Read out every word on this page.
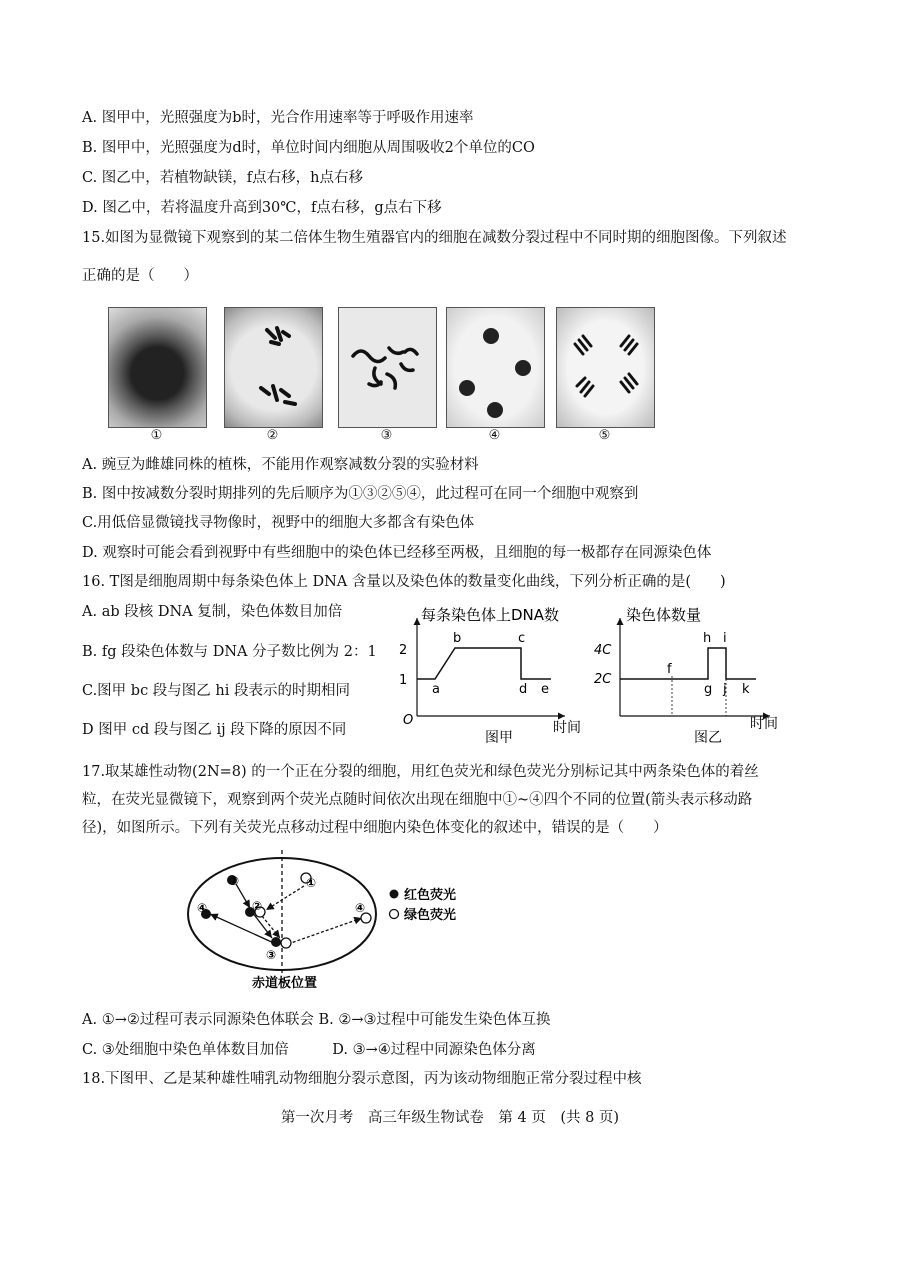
A. 图甲中，光照强度为b时，光合作用速率等于呼吸作用速率
B. 图甲中，光照强度为d时，单位时间内细胞从周围吸收2个单位的CO
C. 图乙中，若植物缺镁，f点右移，h点右移
D. 图乙中，若将温度升高到30℃，f点右移，g点右下移
15.如图为显微镜下观察到的某二倍体生物生殖器官内的细胞在减数分裂过程中不同时期的细胞图像。下列叙述
正确的是（　　）
①	②	③	④	⑤
A. 豌豆为雌雄同株的植株，不能用作观察减数分裂的实验材料
B. 图中按减数分裂时期排列的先后顺序为①③②⑤④，此过程可在同一个细胞中观察到
C.用低倍显微镜找寻物像时，视野中的细胞大多都含有染色体
D. 观察时可能会看到视野中有些细胞中的染色体已经移至两极，且细胞的每一极都存在同源染色体
16. T图是细胞周期中每条染色体上 DNA 含量以及染色体的数量变化曲线，下列分析正确的是(　　)
A. ab 段核 DNA 复制，染色体数目加倍
B. fg 段染色体数与 DNA 分子数比例为 2：1
C.图甲 bc 段与图乙 hi 段表示的时期相同
D 图甲 cd 段与图乙 ij 段下降的原因不同
每条染色体上DNA数
2
1
O
a
b	c
d e
时间
图甲
染色体数量
4C
2C
f
h i
g j k
时间
图乙
17.取某雄性动物(2N=8) 的一个正在分裂的细胞，用红色荧光和绿色荧光分别标记其中两条染色体的着丝
粒，在荧光显微镜下，观察到两个荧光点随时间依次出现在细胞中①~④四个不同的位置(箭头表示移动路
径)，如图所示。下列有关荧光点移动过程中细胞内染色体变化的叙述中，错误的是（　　）
①	①
②
③
④	④
红色荧光
绿色荧光
赤道板位置
A. ①→②过程可表示同源染色体联会 B. ②→③过程中可能发生染色体互换
C. ③处细胞中染色单体数目加倍　　　D. ③→④过程中同源染色体分离
18.下图甲、乙是某种雄性哺乳动物细胞分裂示意图，丙为该动物细胞正常分裂过程中核
第一次月考　高三年级生物试卷　第 4 页　(共 8 页)
